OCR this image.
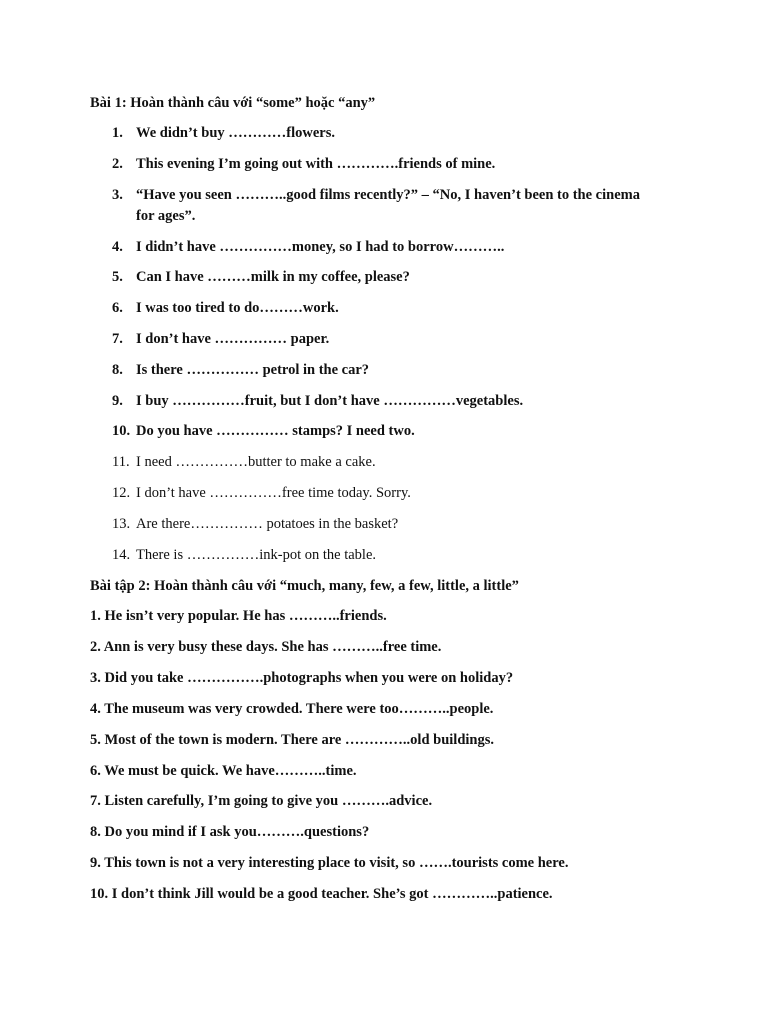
Bài 1: Hoàn thành câu với “some” hoặc “any”
1. We didn’t buy …………flowers.
2. This evening I’m going out with ………….friends of mine.
3. “Have you seen ………..good films recently?” – “No, I haven’t been to the cinema
for ages”.
4. I didn’t have ……………money, so I had to borrow………..
5. Can I have ………milk in my coffee, please?
6. I was too tired to do………work.
7. I don’t have …………… paper.
8. Is there …………… petrol in the car?
9. I buy ……………fruit, but I don’t have ……………vegetables.
10. Do you have …………… stamps? I need two.
11. I need ……………butter to make a cake.
12. I don’t have ……………free time today. Sorry.
13. Are there…………… potatoes in the basket?
14. There is ……………ink-pot on the table.
Bài tập 2: Hoàn thành câu với “much, many, few, a few, little, a little”
1. He isn’t very popular. He has ………..friends.
2. Ann is very busy these days. She has ………..free time.
3. Did you take …………….photographs when you were on holiday?
4. The museum was very crowded. There were too………..people.
5. Most of the town is modern. There are …………..old buildings.
6. We must be quick. We have………..time.
7. Listen carefully, I’m going to give you ……….advice.
8. Do you mind if I ask you……….questions?
9. This town is not a very interesting place to visit, so …….tourists come here.
10. I don’t think Jill would be a good teacher. She’s got …………..patience.
